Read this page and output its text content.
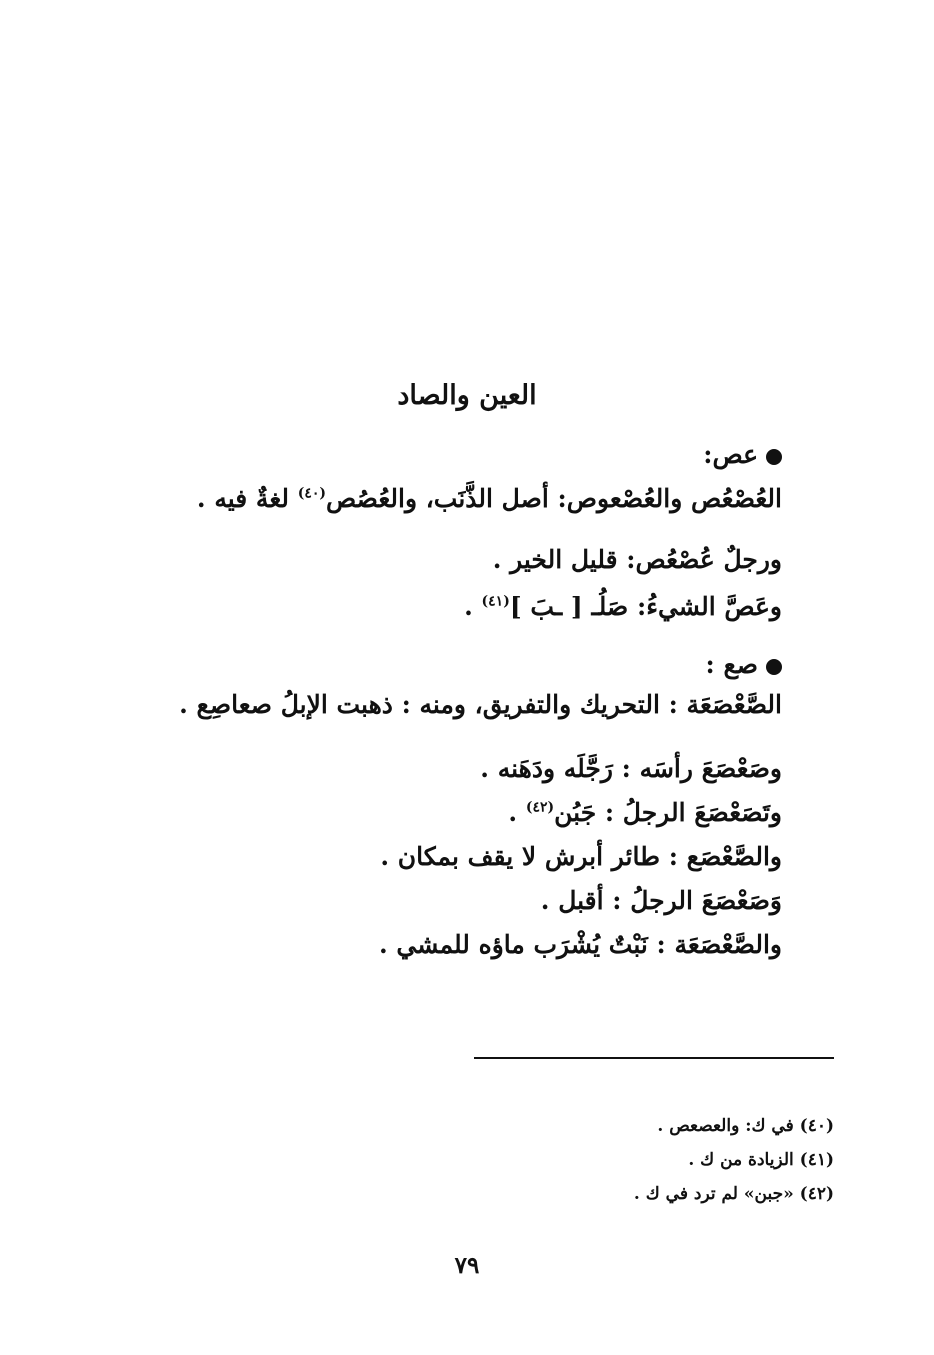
العين والصاد
عص:
العُصْعُص والعُصْعوص: أصل الذَّنَب، والعُصُص$^{(٤٠)}$ لغةٌ فيه .
ورجلٌ عُصْعُص: قليل الخير .
وعَصَّ الشيءُ: صَلُـ [ ـبَ ]$^{(٤١)}$ .
صع :
الصَّعْصَعَة : التحريك والتفريق، ومنه : ذهبت الإبلُ صعاصِع .
وصَعْصَعَ رأسَه : رَجَّلَه ودَهَنه .
وتَصَعْصَعَ الرجلُ : جَبُن$^{(٤٢)}$ .
والصَّعْصَع : طائر أبرش لا يقف بمكان .
وَصَعْصَعَ الرجلُ : أقبل .
والصَّعْصَعَة : نَبْتٌ يُشْرَب ماؤه للمشي .
(٤٠) في ك: والعصعص .
(٤١) الزيادة من ك .
(٤٢) «جبن» لم ترد في ك .
٧٩
